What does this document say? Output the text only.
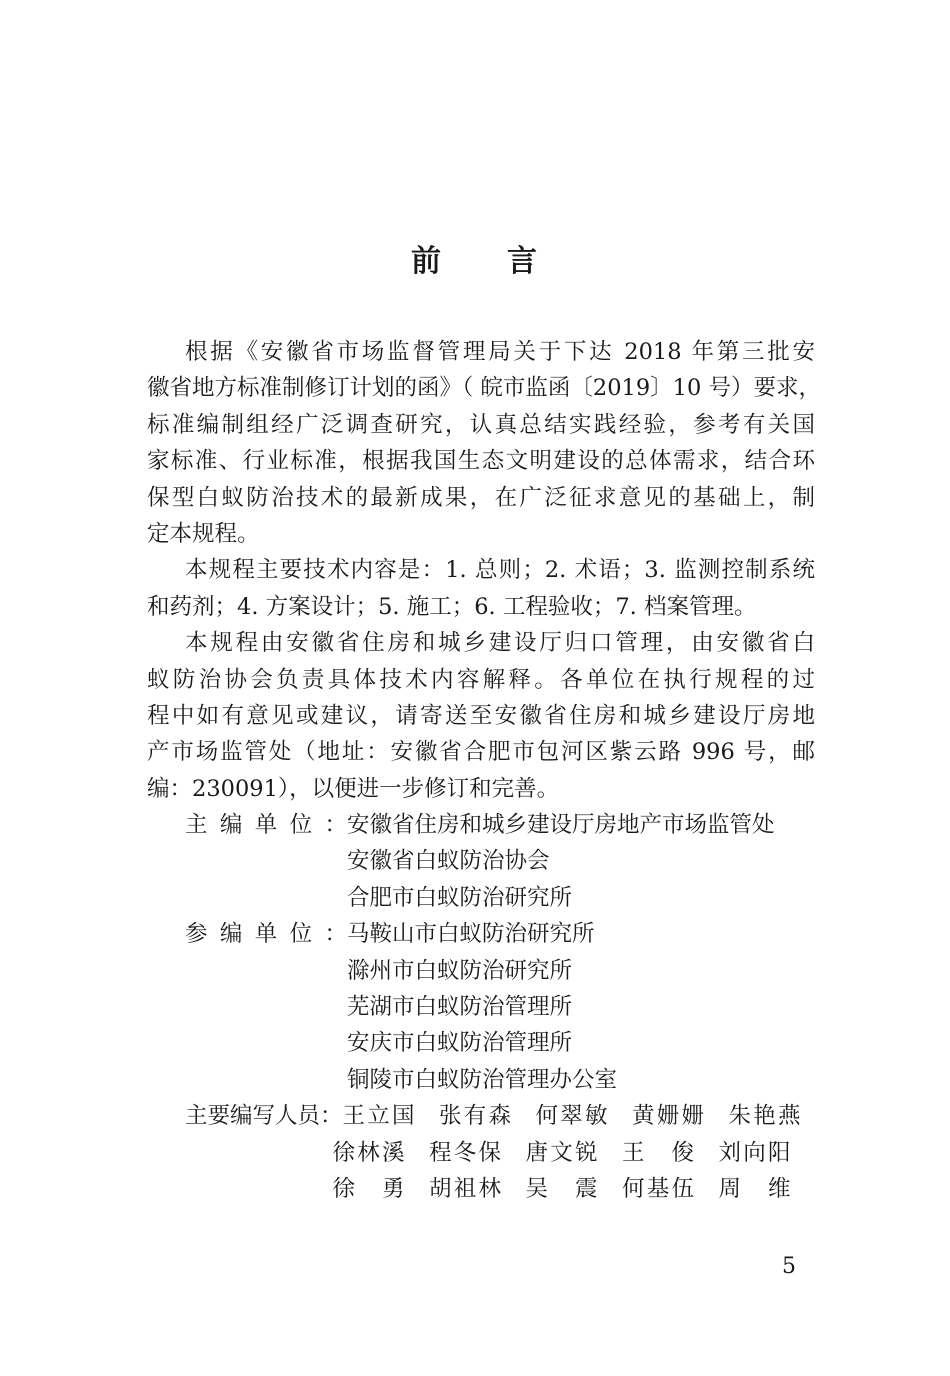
前 言
根据《安徽省市场监督管理局关于下达 2018 年第三批安
徽省地方标准制修订计划的函》（ 皖市监函〔2019〕10 号）要求，
标准编制组经广泛调查研究，认真总结实践经验，参考有关国
家标准、行业标准，根据我国生态文明建设的总体需求，结合环
保型白蚁防治技术的最新成果，在广泛征求意见的基础上，制
定本规程。
本规程主要技术内容是：1. 总则；2. 术语；3. 监测控制系统
和药剂；4. 方案设计；5. 施工；6. 工程验收；7. 档案管理。
本规程由安徽省住房和城乡建设厅归口管理，由安徽省白
蚁防治协会负责具体技术内容解释。各单位在执行规程的过
程中如有意见或建议，请寄送至安徽省住房和城乡建设厅房地
产市场监管处（地址：安徽省合肥市包河区紫云路 996 号，邮
编：230091），以便进一步修订和完善。
主编单位： 安徽省住房和城乡建设厅房地产市场监管处
安徽省白蚁防治协会
合肥市白蚁防治研究所
参编单位： 马鞍山市白蚁防治研究所
滁州市白蚁防治研究所
芜湖市白蚁防治管理所
安庆市白蚁防治管理所
铜陵市白蚁防治管理办公室
主要编写人员： 王立国 张有森 何翠敏 黄姗姗 朱艳燕
徐林溪 程冬保 唐文锐 王俊 刘向阳
徐勇 胡祖林 吴震 何基伍 周维
5
